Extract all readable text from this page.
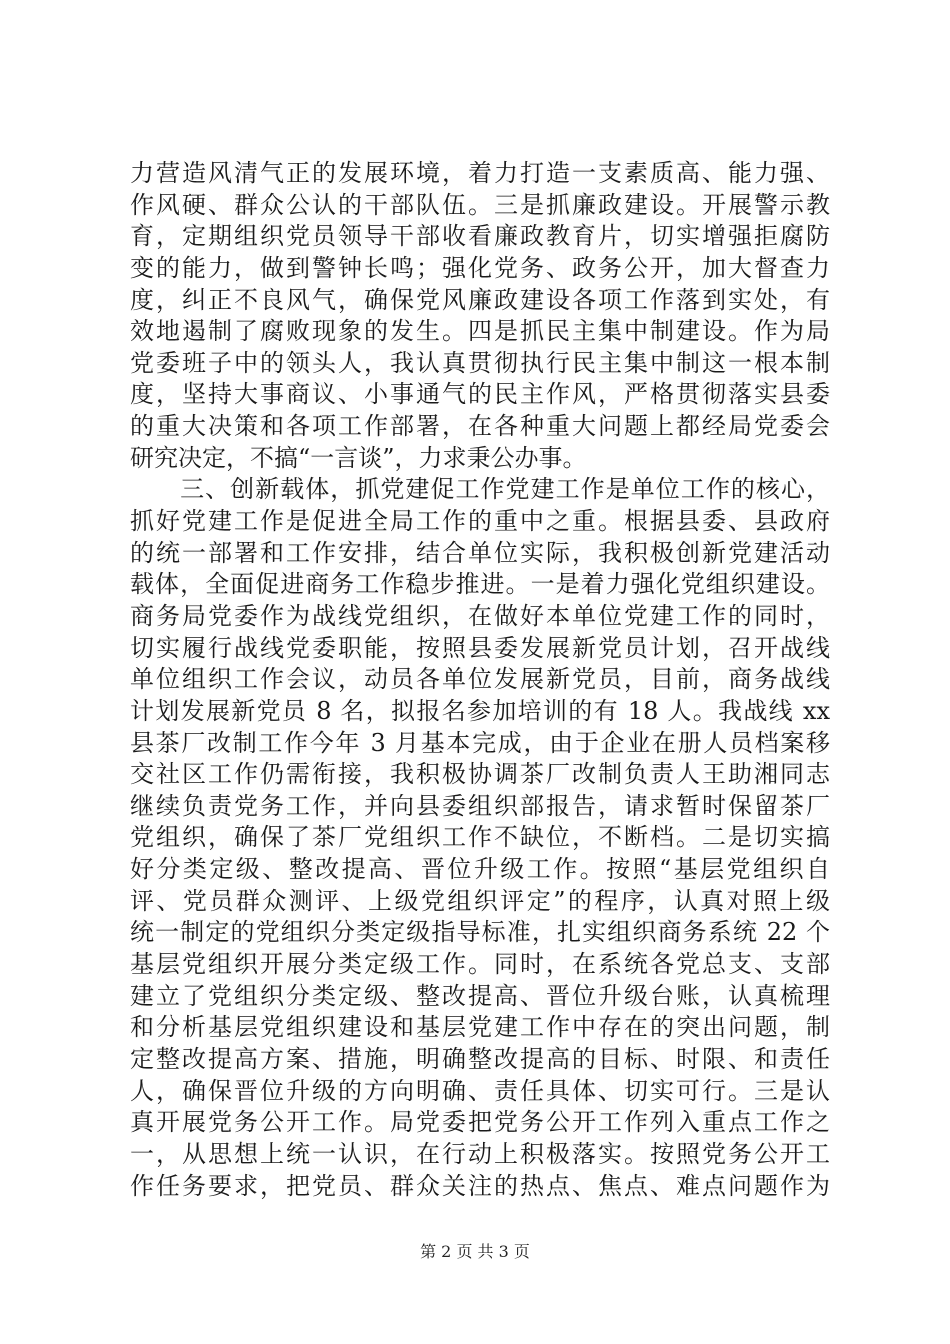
力营造风清气正的发展环境，着力打造一支素质高、能力强、
作风硬、群众公认的干部队伍。三是抓廉政建设。开展警示教
育，定期组织党员领导干部收看廉政教育片，切实增强拒腐防
变的能力，做到警钟长鸣；强化党务、政务公开，加大督查力
度，纠正不良风气，确保党风廉政建设各项工作落到实处，有
效地遏制了腐败现象的发生。四是抓民主集中制建设。作为局
党委班子中的领头人，我认真贯彻执行民主集中制这一根本制
度，坚持大事商议、小事通气的民主作风，严格贯彻落实县委
的重大决策和各项工作部署，在各种重大问题上都经局党委会
研究决定，不搞“一言谈”，力求秉公办事。
　　三、创新载体，抓党建促工作党建工作是单位工作的核心，
抓好党建工作是促进全局工作的重中之重。根据县委、县政府
的统一部署和工作安排，结合单位实际，我积极创新党建活动
载体，全面促进商务工作稳步推进。一是着力强化党组织建设。
商务局党委作为战线党组织，在做好本单位党建工作的同时，
切实履行战线党委职能，按照县委发展新党员计划，召开战线
单位组织工作会议，动员各单位发展新党员，目前，商务战线
计划发展新党员 8 名，拟报名参加培训的有 18 人。我战线 xx
县茶厂改制工作今年 3 月基本完成，由于企业在册人员档案移
交社区工作仍需衔接，我积极协调茶厂改制负责人王助湘同志
继续负责党务工作，并向县委组织部报告，请求暂时保留茶厂
党组织，确保了茶厂党组织工作不缺位，不断档。二是切实搞
好分类定级、整改提高、晋位升级工作。按照“基层党组织自
评、党员群众测评、上级党组织评定”的程序，认真对照上级
统一制定的党组织分类定级指导标准，扎实组织商务系统 22 个
基层党组织开展分类定级工作。同时，在系统各党总支、支部
建立了党组织分类定级、整改提高、晋位升级台账，认真梳理
和分析基层党组织建设和基层党建工作中存在的突出问题，制
定整改提高方案、措施，明确整改提高的目标、时限、和责任
人，确保晋位升级的方向明确、责任具体、切实可行。三是认
真开展党务公开工作。局党委把党务公开工作列入重点工作之
一，从思想上统一认识，在行动上积极落实。按照党务公开工
作任务要求，把党员、群众关注的热点、焦点、难点问题作为
第 2 页 共 3 页
